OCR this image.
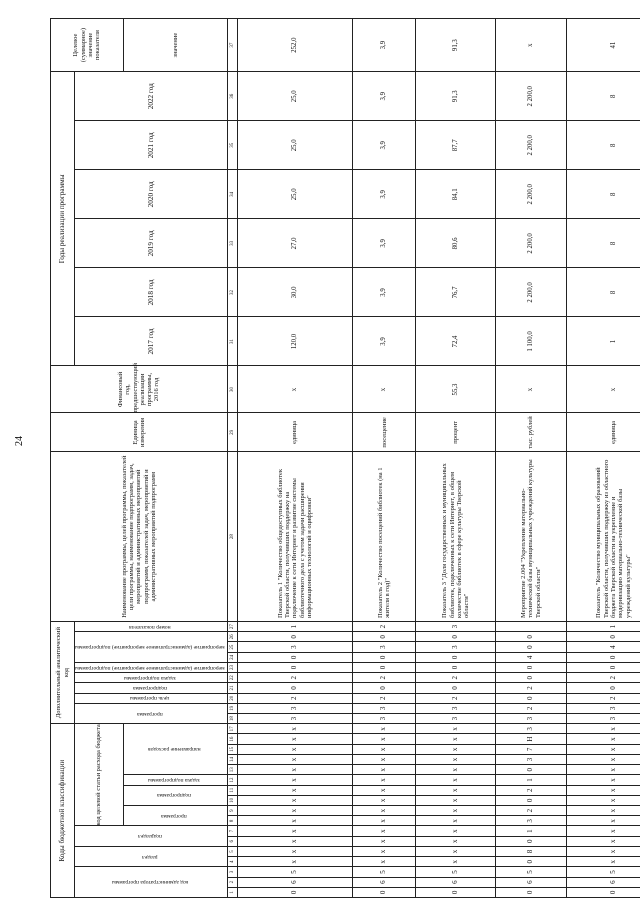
24
Коды бюджетной классификации																	Дополнительный аналитический код										Наименование программы, целей программы, показателей цели программы, наименование подпрограмм, задач, мероприятий и административных мероприятий подпрограмм, показателей задач, мероприятий и административных мероприятий подпрограмм	Единица измерения	Финансовый год, предшествующий реализации программы, 2016 год	Годы реализации программы						Целевое (суммарное) значение показателя
код администратора программы			раздел		подраздел		код целевой статьи расхода бюджета										программа		цель программы	подпрограмма	задача подпрограммы	мероприятие (административное мероприятие) подпрограммы	мероприятие (административное мероприятие) подпрограммы			номер показателя				2017 год	2018 год	2019 год	2020 год	2021 год	2022 год	
							программа		подпрограмма		задача подпрограммы	направление расходов																								значение
1	2	3	4	5	6	7	8	9	10	11	12	13	14	15	16	17	18	19	20	21	22	23	24	25	26	27	28	29	30	31	32	33	34	35	36	37
0	6	5	х	х	х	х	х	х	х	х	х	х	х	х	х	х	3	3	2	0	2	0	0	3	0	1	Показатель 1 "Количество общедоступных библиотек Тверской области, получивших поддержку на подключение к сети Интернет и развитие системы библиотечного дела с учетом задачи расширения информационных технологий и оцифровки"	единица	х	120,0	30,0	27,0	25,0	25,0	25,0	252,0
0	6	5	х	х	х	х	х	х	х	х	х	х	х	х	х	х	3	3	2	0	2	0	0	3	0	2	Показатель 2 "Количество посещений библиотек (на 1 жителя в год)"	посещение	х	3,9	3,9	3,9	3,9	3,9	3,9	3,9
0	6	5	х	х	х	х	х	х	х	х	х	х	х	х	х	х	3	3	2	0	2	0	0	3	0	3	Показатель 3 "Доля государственных и муниципальных библиотек, подключенных к сети Интернет, в общем количестве библиотек в сфере культуры Тверской области"	процент	55,3	72,4	76,7	80,6	84,1	87,7	91,3	91,3
0	6	5	0	8	0	1	3	2	0	2	1	0	3	7	Н	3	3	2	0	2	0	0	4	0	0		Мероприятие 2.004 "Укрепление материально-технической базы муниципальных учреждений культуры Тверской области"	тыс. рублей	х	1 100,0	2 200,0	2 200,0	2 200,0	2 200,0	2 200,0	х
0	6	5	х	х	х	х	х	х	х	х	х	х	х	х	х	х	3	3	2	0	2	0	0	4	0	1	Показатель "Количество муниципальных образований Тверской области, получивших поддержку из областного бюджета Тверской области на укрепление и модернизацию материально-технической базы учреждений культуры"	единица	х	1	8	8	8	8	8	41
